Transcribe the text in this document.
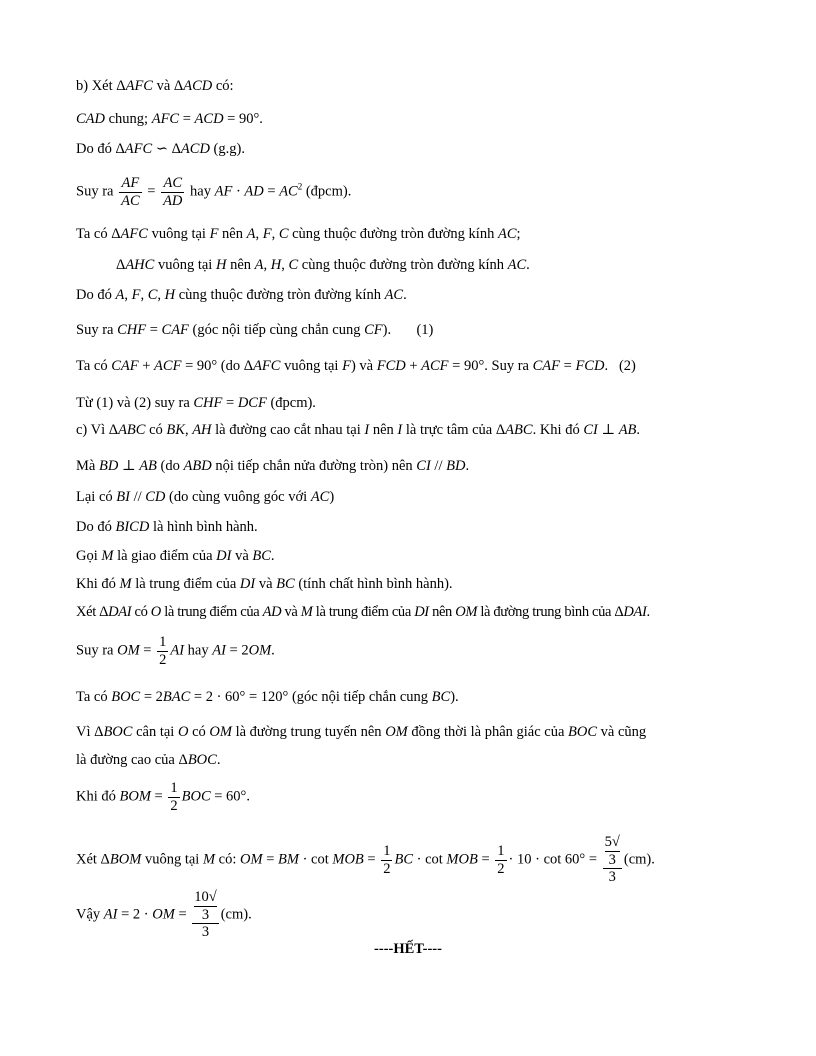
b) Xét ΔAFC và ΔACD có:
CAD chung; AFC = ACD = 90°.
Do đó ΔAFC ∽ ΔACD (g.g).
Suy ra $\frac{AF}{AC} = \frac{AC}{AD}$ hay AF · AD = $AC^2$ (đpcm).
Ta có ΔAFC vuông tại F nên A, F, C cùng thuộc đường tròn đường kính AC;
ΔAHC vuông tại H nên A, H, C cùng thuộc đường tròn đường kính AC.
Do đó A, F, C, H cùng thuộc đường tròn đường kính AC.
Suy ra CHF = CAF (góc nội tiếp cùng chắn cung CF).       (1)
Ta có CAF + ACF = 90° (do ΔAFC vuông tại F) và FCD + ACF = 90°. Suy ra CAF = FCD.   (2)
Từ (1) và (2) suy ra CHF = DCF (đpcm).
c) Vì ΔABC có BK, AH là đường cao cắt nhau tại I nên I là trực tâm của ΔABC. Khi đó CI ⊥ AB.
Mà BD ⊥ AB (do ABD nội tiếp chắn nửa đường tròn) nên CI // BD.
Lại có BI // CD (do cùng vuông góc với AC)
Do đó BICD là hình bình hành.
Gọi M là giao điểm của DI và BC.
Khi đó M là trung điểm của DI và BC (tính chất hình bình hành).
Xét ΔDAI có O là trung điểm của AD và M là trung điểm của DI nên OM là đường trung bình của ΔDAI.
Suy ra OM = $\frac{1}{2}$ AI hay AI = 2OM.
Ta có BOC = 2BAC = 2 · 60° = 120° (góc nội tiếp chắn cung BC).
Vì ΔBOC cân tại O có OM là đường trung tuyến nên OM đồng thời là phân giác của BOC và cũng
là đường cao của ΔBOC.
Khi đó BOM = $\frac{1}{2}$ BOC = 60°.
Xét ΔBOM vuông tại M có: OM = BM · cot MOB = $\frac{1}{2}$ BC · cot MOB = $\frac{1}{2} \cdot 10 \cdot \cot 60^\circ = 5√$
3
3 (cm).
Vậy AI = 2 · OM = 10√
3
3 (cm).
----HẾT----
